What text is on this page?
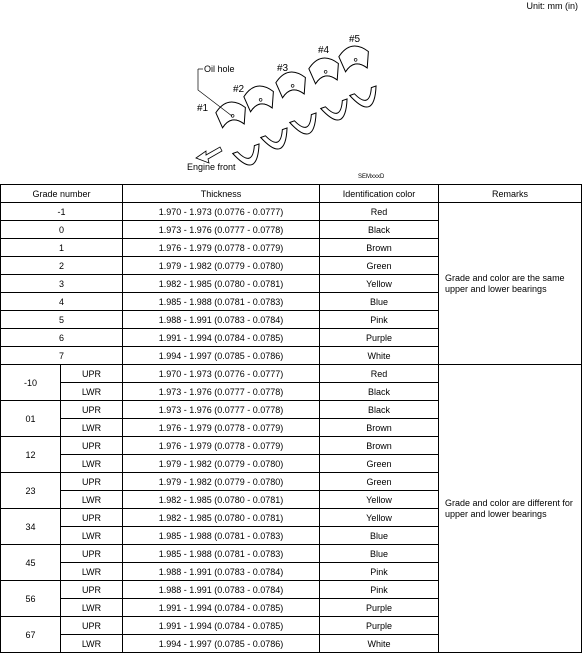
Unit: mm (in)
Oil hole
#1
#2
#3
#4
#5
Engine front
SEMxxxD
Grade number		Thickness	Identification color	Remarks
-1		1.970 - 1.973 (0.0776 - 0.0777)	Red	Grade and color are the same upper and lower bearings
0		1.973 - 1.976 (0.0777 - 0.0778)	Black	
1		1.976 - 1.979 (0.0778 - 0.0779)	Brown	
2		1.979 - 1.982 (0.0779 - 0.0780)	Green	
3		1.982 - 1.985 (0.0780 - 0.0781)	Yellow	
4		1.985 - 1.988 (0.0781 - 0.0783)	Blue	
5		1.988 - 1.991 (0.0783 - 0.0784)	Pink	
6		1.991 - 1.994 (0.0784 - 0.0785)	Purple	
7		1.994 - 1.997 (0.0785 - 0.0786)	White	
-10	UPR	1.970 - 1.973 (0.0776 - 0.0777)	Red	Grade and color are different for upper and lower bearings
	LWR	1.973 - 1.976 (0.0777 - 0.0778)	Black	
01	UPR	1.973 - 1.976 (0.0777 - 0.0778)	Black	
	LWR	1.976 - 1.979 (0.0778 - 0.0779)	Brown	
12	UPR	1.976 - 1.979 (0.0778 - 0.0779)	Brown	
	LWR	1.979 - 1.982 (0.0779 - 0.0780)	Green	
23	UPR	1.979 - 1.982 (0.0779 - 0.0780)	Green	
	LWR	1.982 - 1.985 (0.0780 - 0.0781)	Yellow	
34	UPR	1.982 - 1.985 (0.0780 - 0.0781)	Yellow	
	LWR	1.985 - 1.988 (0.0781 - 0.0783)	Blue	
45	UPR	1.985 - 1.988 (0.0781 - 0.0783)	Blue	
	LWR	1.988 - 1.991 (0.0783 - 0.0784)	Pink	
56	UPR	1.988 - 1.991 (0.0783 - 0.0784)	Pink	
	LWR	1.991 - 1.994 (0.0784 - 0.0785)	Purple	
67	UPR	1.991 - 1.994 (0.0784 - 0.0785)	Purple	
	LWR	1.994 - 1.997 (0.0785 - 0.0786)	White	
